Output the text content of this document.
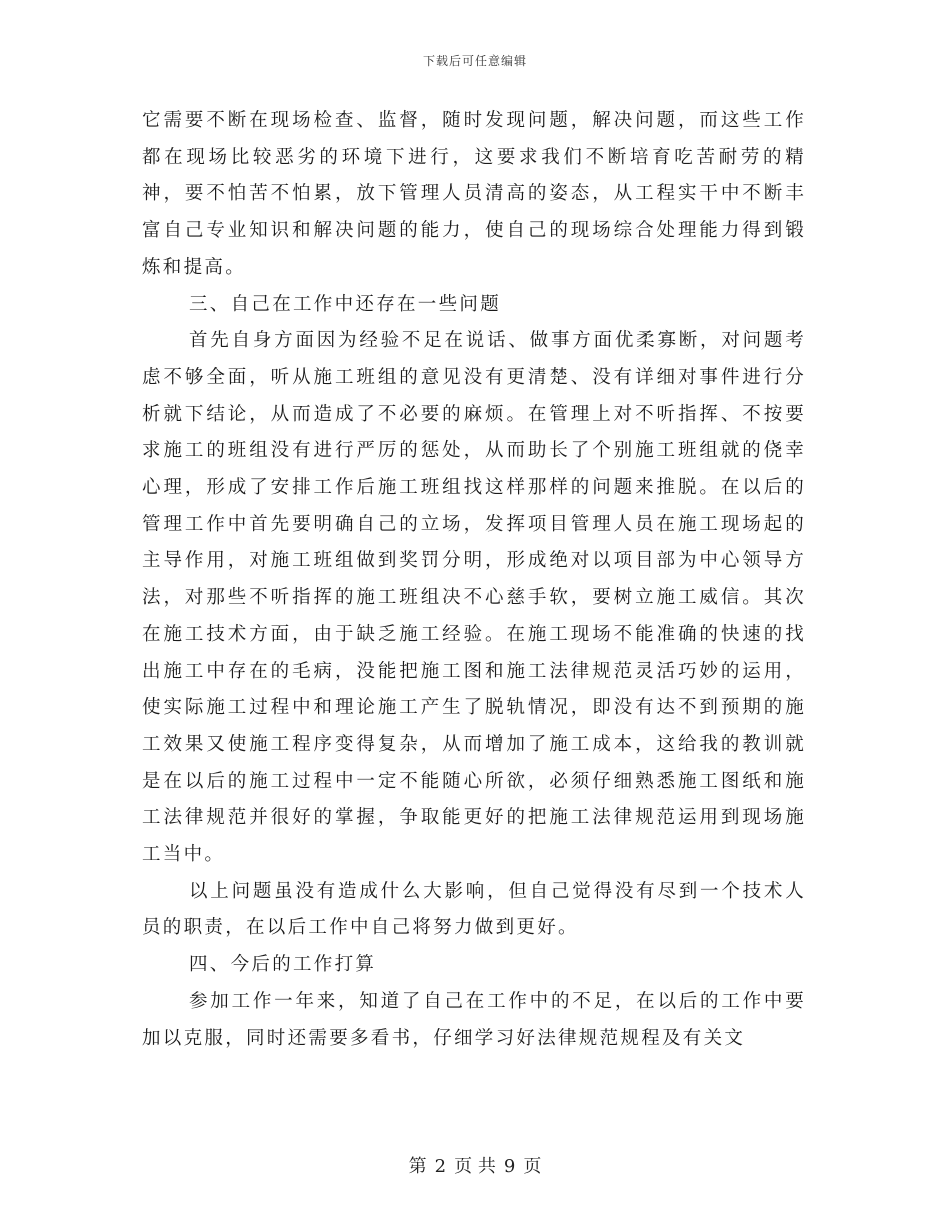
下载后可任意编辑

它需要不断在现场检查、监督，随时发现问题，解决问题，而这些工作都在现场比较恶劣的环境下进行，这要求我们不断培育吃苦耐劳的精神，要不怕苦不怕累，放下管理人员清高的姿态，从工程实干中不断丰富自己专业知识和解决问题的能力，使自己的现场综合处理能力得到锻炼和提高。

三、自己在工作中还存在一些问题

首先自身方面因为经验不足在说话、做事方面优柔寡断，对问题考虑不够全面，听从施工班组的意见没有更清楚、没有详细对事件进行分析就下结论，从而造成了不必要的麻烦。在管理上对不听指挥、不按要求施工的班组没有进行严厉的惩处，从而助长了个别施工班组就的侥幸心理，形成了安排工作后施工班组找这样那样的问题来推脱。在以后的管理工作中首先要明确自己的立场，发挥项目管理人员在施工现场起的主导作用，对施工班组做到奖罚分明，形成绝对以项目部为中心领导方法，对那些不听指挥的施工班组决不心慈手软，要树立施工威信。其次在施工技术方面，由于缺乏施工经验。在施工现场不能准确的快速的找出施工中存在的毛病，没能把施工图和施工法律规范灵活巧妙的运用，使实际施工过程中和理论施工产生了脱轨情况，即没有达不到预期的施工效果又使施工程序变得复杂，从而增加了施工成本，这给我的教训就是在以后的施工过程中一定不能随心所欲，必须仔细熟悉施工图纸和施工法律规范并很好的掌握，争取能更好的把施工法律规范运用到现场施工当中。

以上问题虽没有造成什么大影响，但自己觉得没有尽到一个技术人员的职责，在以后工作中自己将努力做到更好。

四、今后的工作打算

参加工作一年来，知道了自己在工作中的不足，在以后的工作中要加以克服，同时还需要多看书，仔细学习好法律规范规程及有关文

第 2 页 共 9 页
